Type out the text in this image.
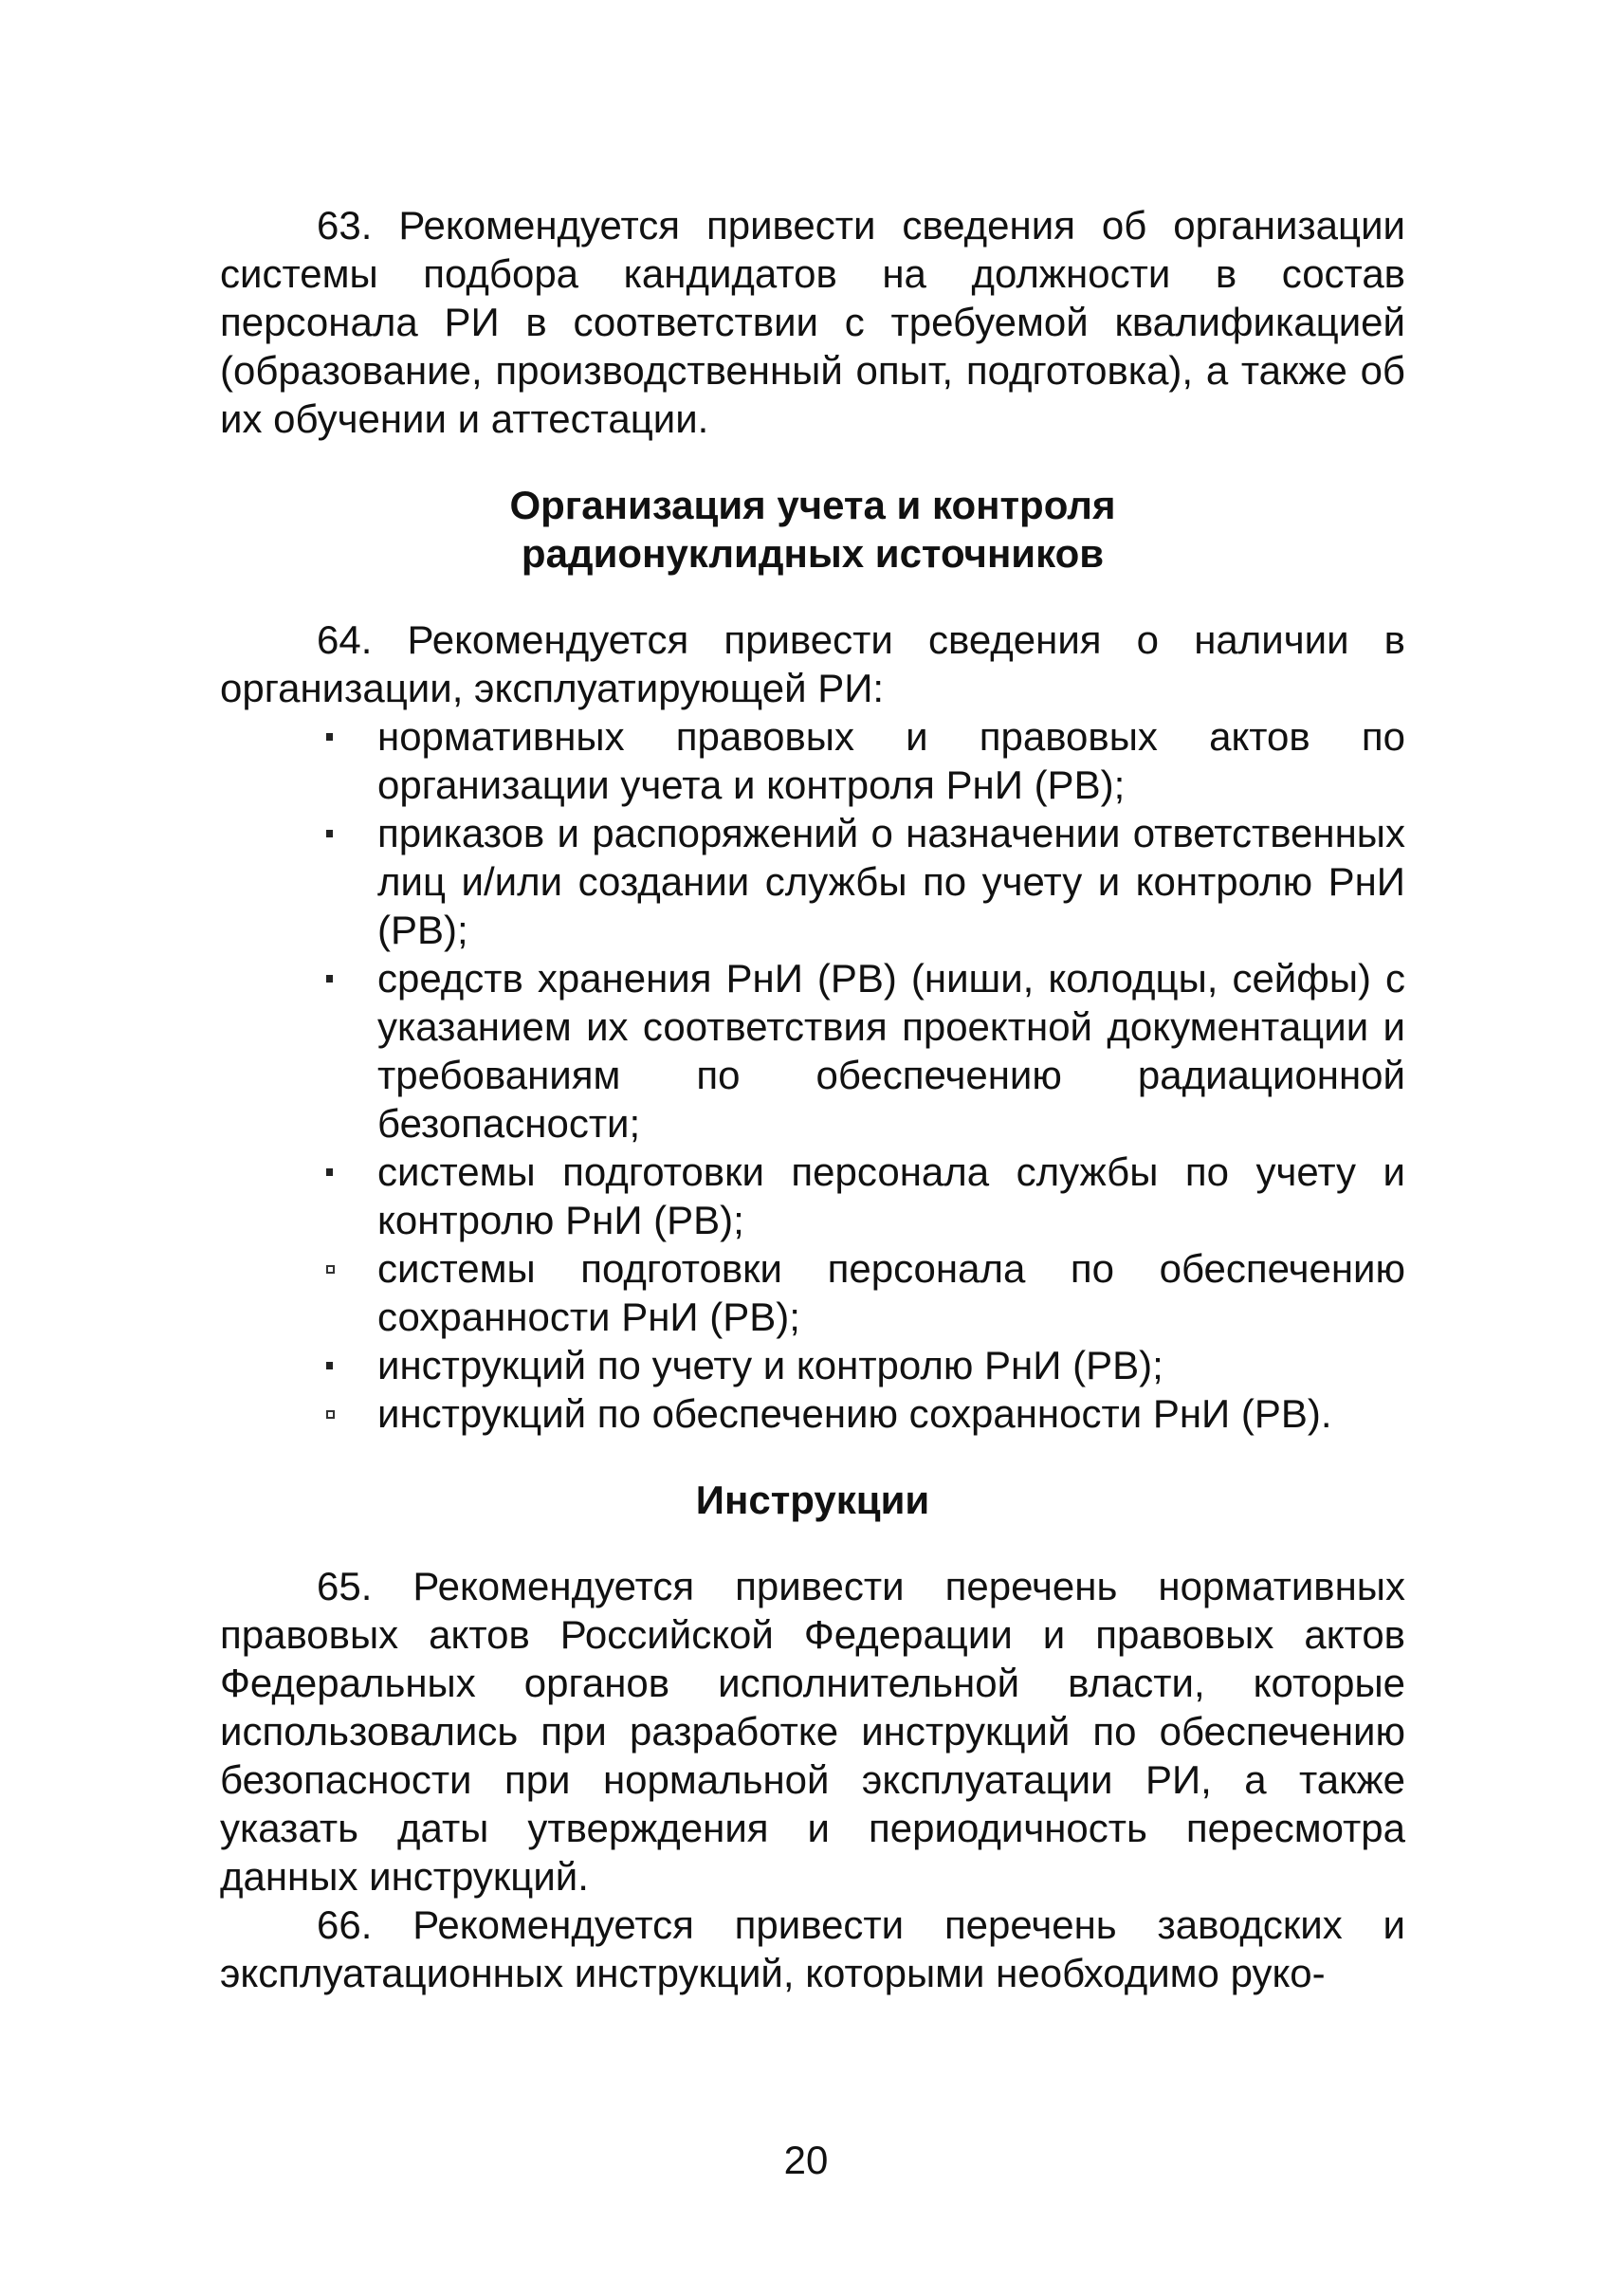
63. Рекомендуется привести сведения об организации системы подбора кандидатов на должности в состав персонала РИ в соответствии с требуемой квалификацией (образование, производственный опыт, подготовка), а также об их обучении и аттестации.

Организация учета и контроля
радионуклидных источников

64. Рекомендуется привести сведения о наличии в организации, эксплуатирующей РИ:

нормативных правовых и правовых актов по организации учета и контроля РнИ (РВ);
приказов и распоряжений о назначении ответственных лиц и/или создании службы по учету и контролю РнИ (РВ);
средств хранения РнИ (РВ) (ниши, колодцы, сейфы) с указанием их соответствия проектной документации и требованиям по обеспечению радиационной безопасности;
системы подготовки персонала службы по учету и контролю РнИ (РВ);
системы подготовки персонала по обеспечению сохранности РнИ (РВ);
инструкций по учету и контролю РнИ (РВ);
инструкций по обеспечению сохранности РнИ (РВ).
Инструкции

65. Рекомендуется привести перечень нормативных правовых актов Российской Федерации и правовых актов Федеральных органов исполнительной власти, которые использовались при разработке инструкций по обеспечению безопасности при нормальной эксплуатации РИ, а также указать даты утверждения и периодичность пересмотра данных инструкций.

66. Рекомендуется привести перечень заводских и эксплуатационных инструкций, которыми необходимо руко-

20
